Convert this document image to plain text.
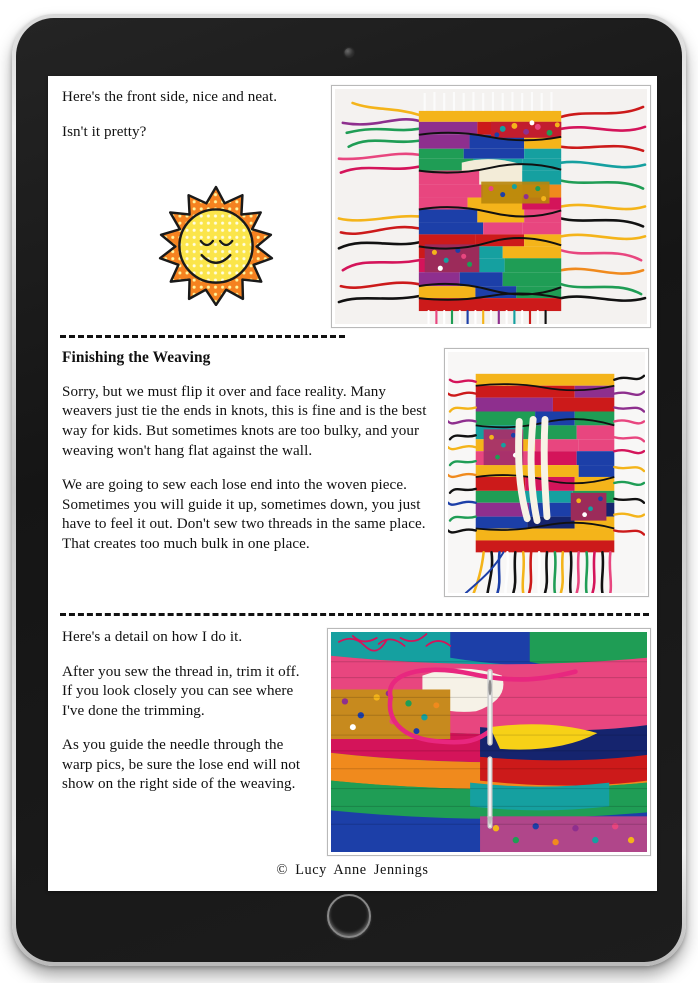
Here's the front side, nice and neat.

Isn't it pretty?

Finishing the Weaving

Sorry, but we must flip it over and face reality. Many weavers just tie the ends in knots, this is fine and is the best way for kids. But sometimes knots are too bulky, and your weaving won't hang flat against the wall.

We are going to sew each lose end into the woven piece. Sometimes you will guide it up, sometimes down, you just have to feel it out. Don't sew two threads in the same place. That creates too much bulk in one place.

Here's a detail on how I do it.

After you sew the thread in, trim it off. If you look closely you can see where I've done the trimming.

As you guide the needle through the warp pics, be sure the lose end will not show on the right side of the weaving.

© Lucy Anne Jennings
